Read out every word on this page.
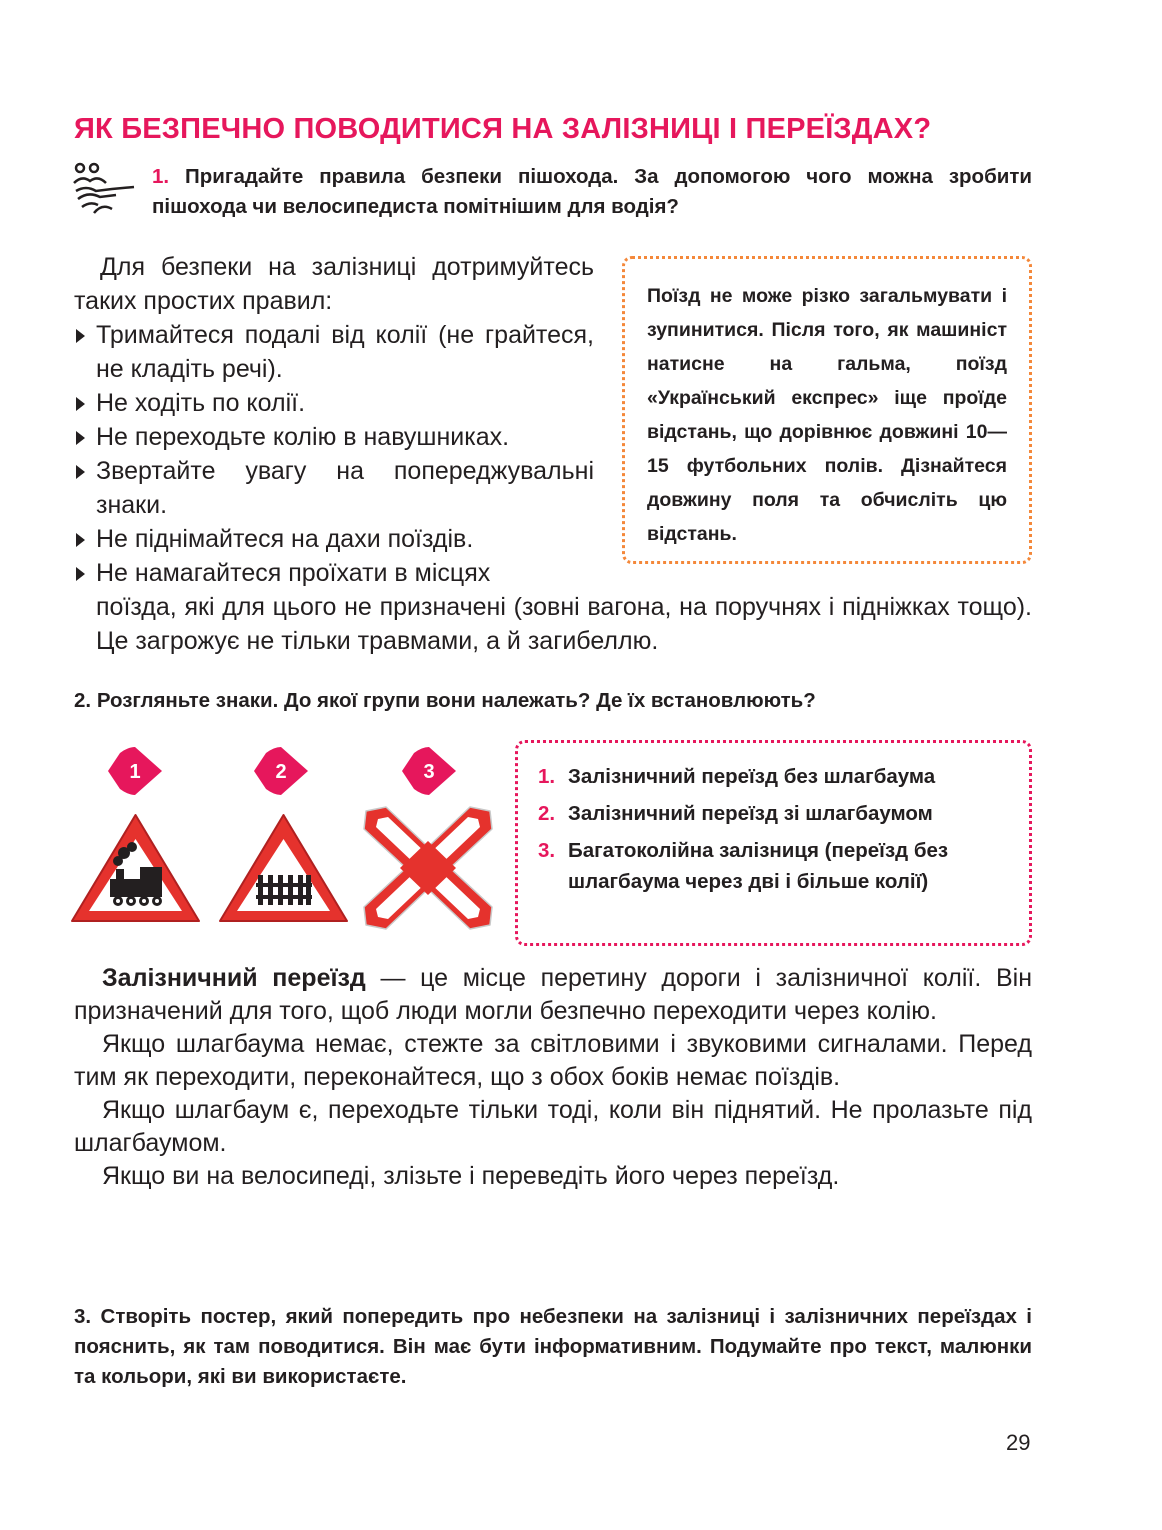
ЯК БЕЗПЕЧНО ПОВОДИТИСЯ НА ЗАЛІЗНИЦІ І ПЕРЕЇЗДАХ?

1. Пригадайте правила безпеки пішохода. За допомогою чого можна зробити пішохода чи велосипедиста помітнішим для водія?

Для безпеки на залізниці дотримуйтесь таких простих правил:

Тримайтеся подалі від колії (не грайтеся, не кладіть речі).

Не ходіть по колії.

Не переходьте колію в навушниках.

Звертайте увагу на попереджувальні знаки.

Не піднімайтеся на дахи поїздів.

Не намагайтеся проїхати в місцях

поїзда, які для цього не призначені (зовні вагона, на поручнях і підніжках тощо). Це загрожує не тільки травмами, а й загибеллю.

Поїзд не може різко загальмувати і зупинитися. Після того, як машиніст натисне на гальма, поїзд «Український експрес» іще проїде відстань, що дорівнює довжині 10—15 футбольних полів. Дізнайтеся довжину поля та обчисліть цю відстань.

2. Розгляньте знаки. До якої групи вони належать? Де їх встановлюють?

1	2	3	1. Залізничний переїзд без шлагбаума
2. Залізничний переїзд зі шлагбаумом
3. Багатоколійна залізниця (переїзд без шлагбаума через дві і більше колії)

Залізничний переїзд — це місце перетину дороги і залізничної колії. Він призначений для того, щоб люди могли безпечно переходити через колію.

Якщо шлагбаума немає, стежте за світловими і звуковими сигналами. Перед тим як переходити, переконайтеся, що з обох боків немає поїздів.

Якщо шлагбаум є, переходьте тільки тоді, коли він піднятий. Не пролазьте під шлагбаумом.

Якщо ви на велосипеді, злізьте і переведіть його через переїзд.

3. Створіть постер, який попередить про небезпеки на залізниці і залізничних переїздах і пояснить, як там поводитися. Він має бути інформативним. Подумайте про текст, малюнки та кольори, які ви використаєте.

29
